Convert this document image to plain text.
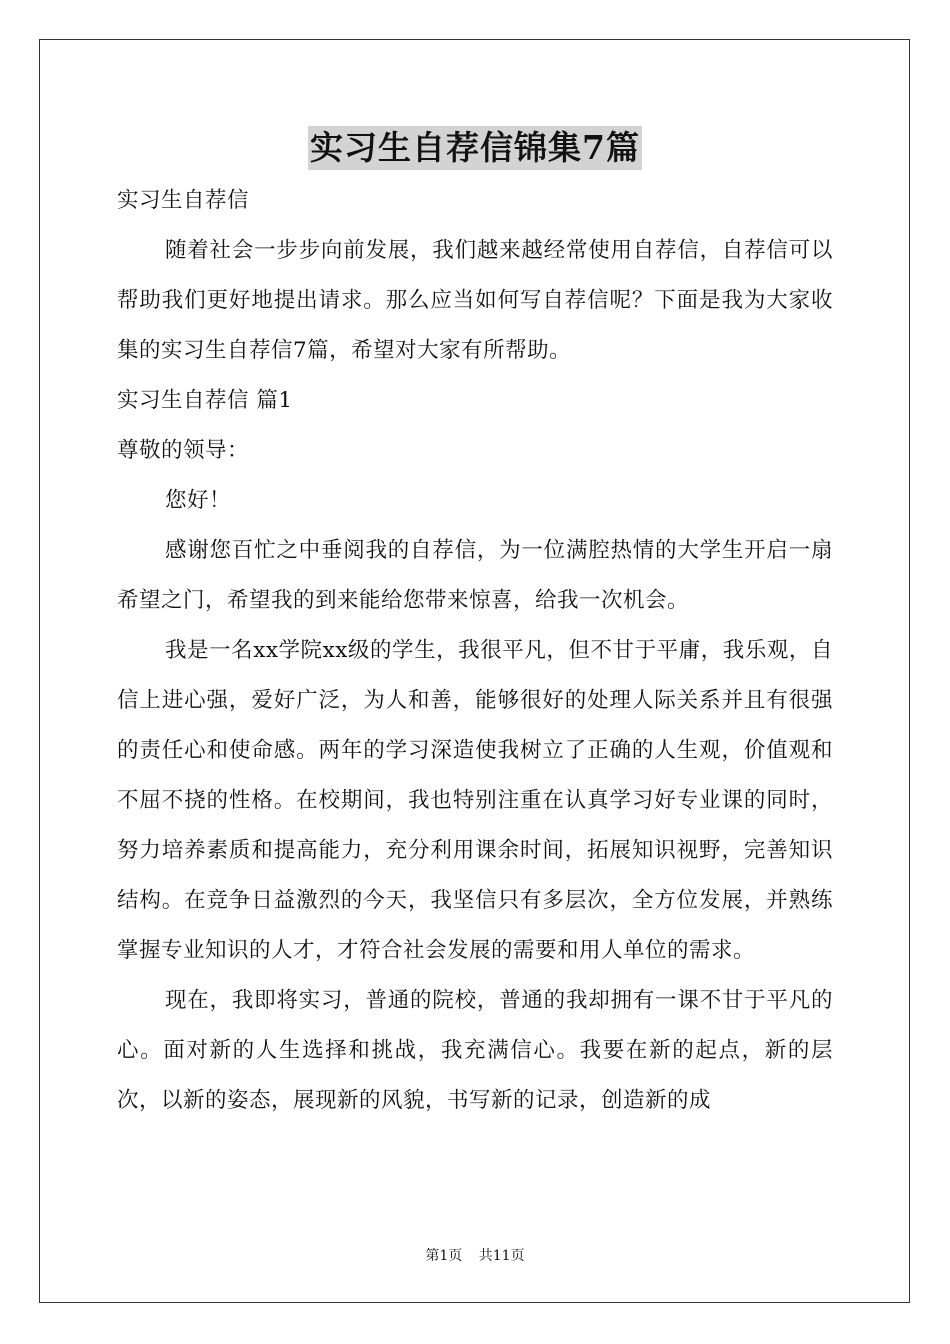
实习生自荐信锦集7篇
实习生自荐信

随着社会一步步向前发展，我们越来越经常使用自荐信，自荐信可以帮助我们更好地提出请求。那么应当如何写自荐信呢？下面是我为大家收集的实习生自荐信7篇，希望对大家有所帮助。

实习生自荐信 篇1
尊敬的领导：

您好！

感谢您百忙之中垂阅我的自荐信，为一位满腔热情的大学生开启一扇希望之门，希望我的到来能给您带来惊喜，给我一次机会。

我是一名xx学院xx级的学生，我很平凡，但不甘于平庸，我乐观，自信上进心强，爱好广泛，为人和善，能够很好的处理人际关系并且有很强的责任心和使命感。两年的学习深造使我树立了正确的人生观，价值观和不屈不挠的性格。在校期间，我也特别注重在认真学习好专业课的同时，努力培养素质和提高能力，充分利用课余时间，拓展知识视野，完善知识结构。在竞争日益激烈的今天，我坚信只有多层次，全方位发展，并熟练掌握专业知识的人才，才符合社会发展的需要和用人单位的需求。

现在，我即将实习，普通的院校，普通的我却拥有一课不甘于平凡的心。面对新的人生选择和挑战，我充满信心。我要在新的起点，新的层次，以新的姿态，展现新的风貌，书写新的记录，创造新的成

第1页 共11页
